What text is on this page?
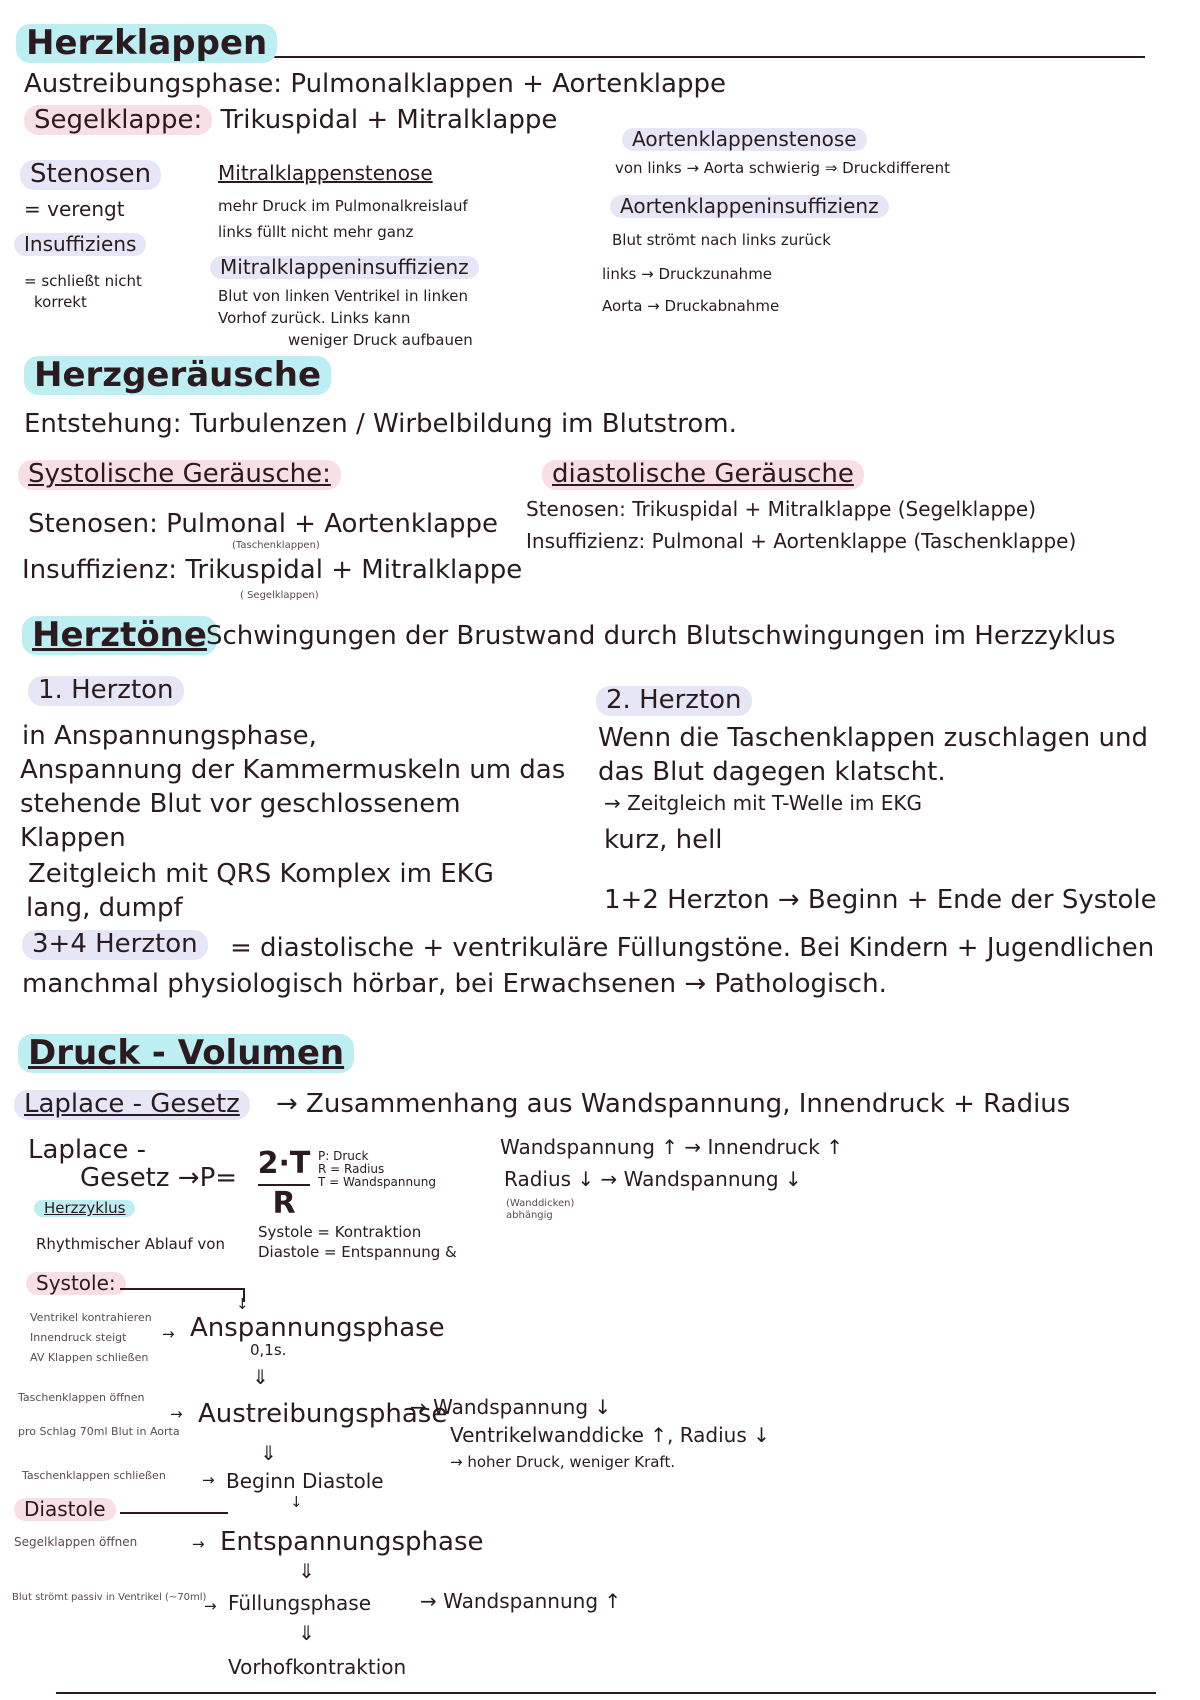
Herzklappen
Austreibungsphase: Pulmonalklappen + Aortenklappe
Segelklappe: Trikuspidal + Mitralklappe
Stenosen
= verengt
Insuffiziens
= schließt nicht
korrekt
Mitralklappenstenose
mehr Druck im Pulmonalkreislauf
links füllt nicht mehr ganz
Mitralklappeninsuffizienz
Blut von linken Ventrikel in linken
Vorhof zurück. Links kann
weniger Druck aufbauen
Aortenklappenstenose
von links → Aorta schwierig ⇒ Druckdifferent
Aortenklappeninsuffizienz
Blut strömt nach links zurück
links → Druckzunahme
Aorta → Druckabnahme
Herzgeräusche
Entstehung: Turbulenzen / Wirbelbildung im Blutstrom.
Systolische Geräusche:
Stenosen: Pulmonal + Aortenklappe
(Taschenklappen)
Insuffizienz: Trikuspidal + Mitralklappe
( Segelklappen)
diastolische Geräusche
Stenosen: Trikuspidal + Mitralklappe (Segelklappe)
Insuffizienz: Pulmonal + Aortenklappe (Taschenklappe)
Herztöne Schwingungen der Brustwand durch Blutschwingungen im Herzzyklus
1. Herzton
in Anspannungsphase,
Anspannung der Kammermuskeln um das
stehende Blut vor geschlossenem
Klappen
Zeitgleich mit QRS Komplex im EKG
lang, dumpf
2. Herzton
Wenn die Taschenklappen zuschlagen und
das Blut dagegen klatscht.
→ Zeitgleich mit T-Welle im EKG
kurz, hell
1+2 Herzton → Beginn + Ende der Systole
3+4 Herzton	= diastolische + ventrikuläre Füllungstöne. Bei Kindern + Jugendlichen
manchmal physiologisch hörbar, bei Erwachsenen → Pathologisch.
Druck - Volumen
Laplace - Gesetz	→ Zusammenhang aus Wandspannung, Innendruck + Radius
Laplace -
Gesetz →P= 2·T
R
P: Druck
R = Radius
T = Wandspannung
Wandspannung ↑ → Innendruck ↑
Radius ↓ → Wandspannung ↓
(Wanddicken) abhängig
Herzzyklus
Rhythmischer Ablauf von
Systole = Kontraktion
Diastole = Entspannung &
Systole:
↓
Ventrikel kontrahieren
Innendruck steigt
AV Klappen schließen
→ Anspannungsphase
0,1s.
⇓
Taschenklappen öffnen
pro Schlag 70ml Blut in Aorta
→ Austreibungsphase
→ Wandspannung ↓
Ventrikelwanddicke ↑, Radius ↓
→ hoher Druck, weniger Kraft.
⇓
Taschenklappen schließen → Beginn Diastole
Diastole	↓
Segelklappen öffnen	→ Entspannungsphase
⇓
Blut strömt passiv in Ventrikel (~70ml)
→ Füllungsphase → Wandspannung ↑
⇓
Vorhofkontraktion
